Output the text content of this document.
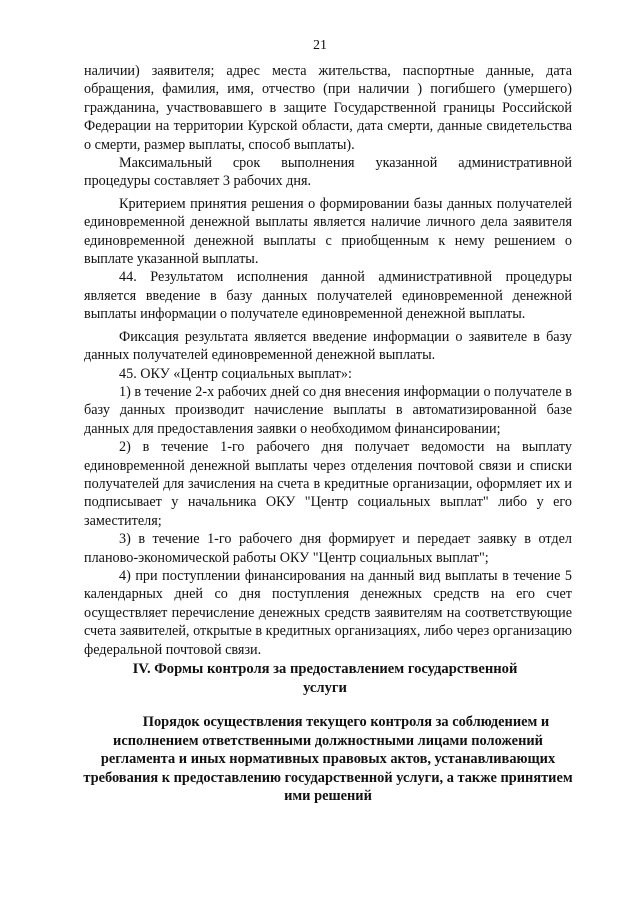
21

наличии) заявителя; адрес места жительства, паспортные данные, дата обращения, фамилия, имя, отчество (при наличии ) погибшего (умершего) гражданина, участвовавшего в защите Государственной границы Российской Федерации на территории Курской области, дата смерти, данные свидетельства о смерти, размер выплаты, способ выплаты).

Максимальный срок выполнения указанной административной процедуры составляет 3 рабочих дня.

Критерием принятия решения о формировании базы данных получателей единовременной денежной выплаты является наличие личного дела заявителя единовременной денежной выплаты с приобщенным к нему решением о выплате указанной выплаты.

44. Результатом исполнения данной административной процедуры является введение в базу данных получателей единовременной денежной выплаты информации о получателе единовременной денежной выплаты.

Фиксация результата является введение информации о заявителе в базу данных получателей единовременной денежной выплаты.

45. ОКУ «Центр социальных выплат»:

1) в течение 2-х рабочих дней со дня внесения информации о получателе в базу данных производит начисление выплаты в автоматизированной базе данных для предоставления заявки о необходимом финансировании;

2) в течение 1-го рабочего дня получает ведомости на выплату единовременной денежной выплаты через отделения почтовой связи и списки получателей для зачисления на счета в кредитные организации, оформляет их и подписывает у начальника ОКУ "Центр социальных выплат" либо у его заместителя;

3) в течение 1-го рабочего дня формирует и передает заявку в отдел планово-экономической работы ОКУ "Центр социальных выплат";

4) при поступлении финансирования на данный вид выплаты в течение 5 календарных дней со дня поступления денежных средств на его счет осуществляет перечисление денежных средств заявителям на соответствующие счета заявителей, открытые в кредитных организациях, либо через организацию федеральной почтовой связи.

IV. Формы контроля за предоставлением государственной
услуги
Порядок осуществления текущего контроля за соблюдением и исполнением ответственными должностными лицами положений регламента и иных нормативных правовых актов, устанавливающих требования к предоставлению государственной услуги, а также принятием ими решений
